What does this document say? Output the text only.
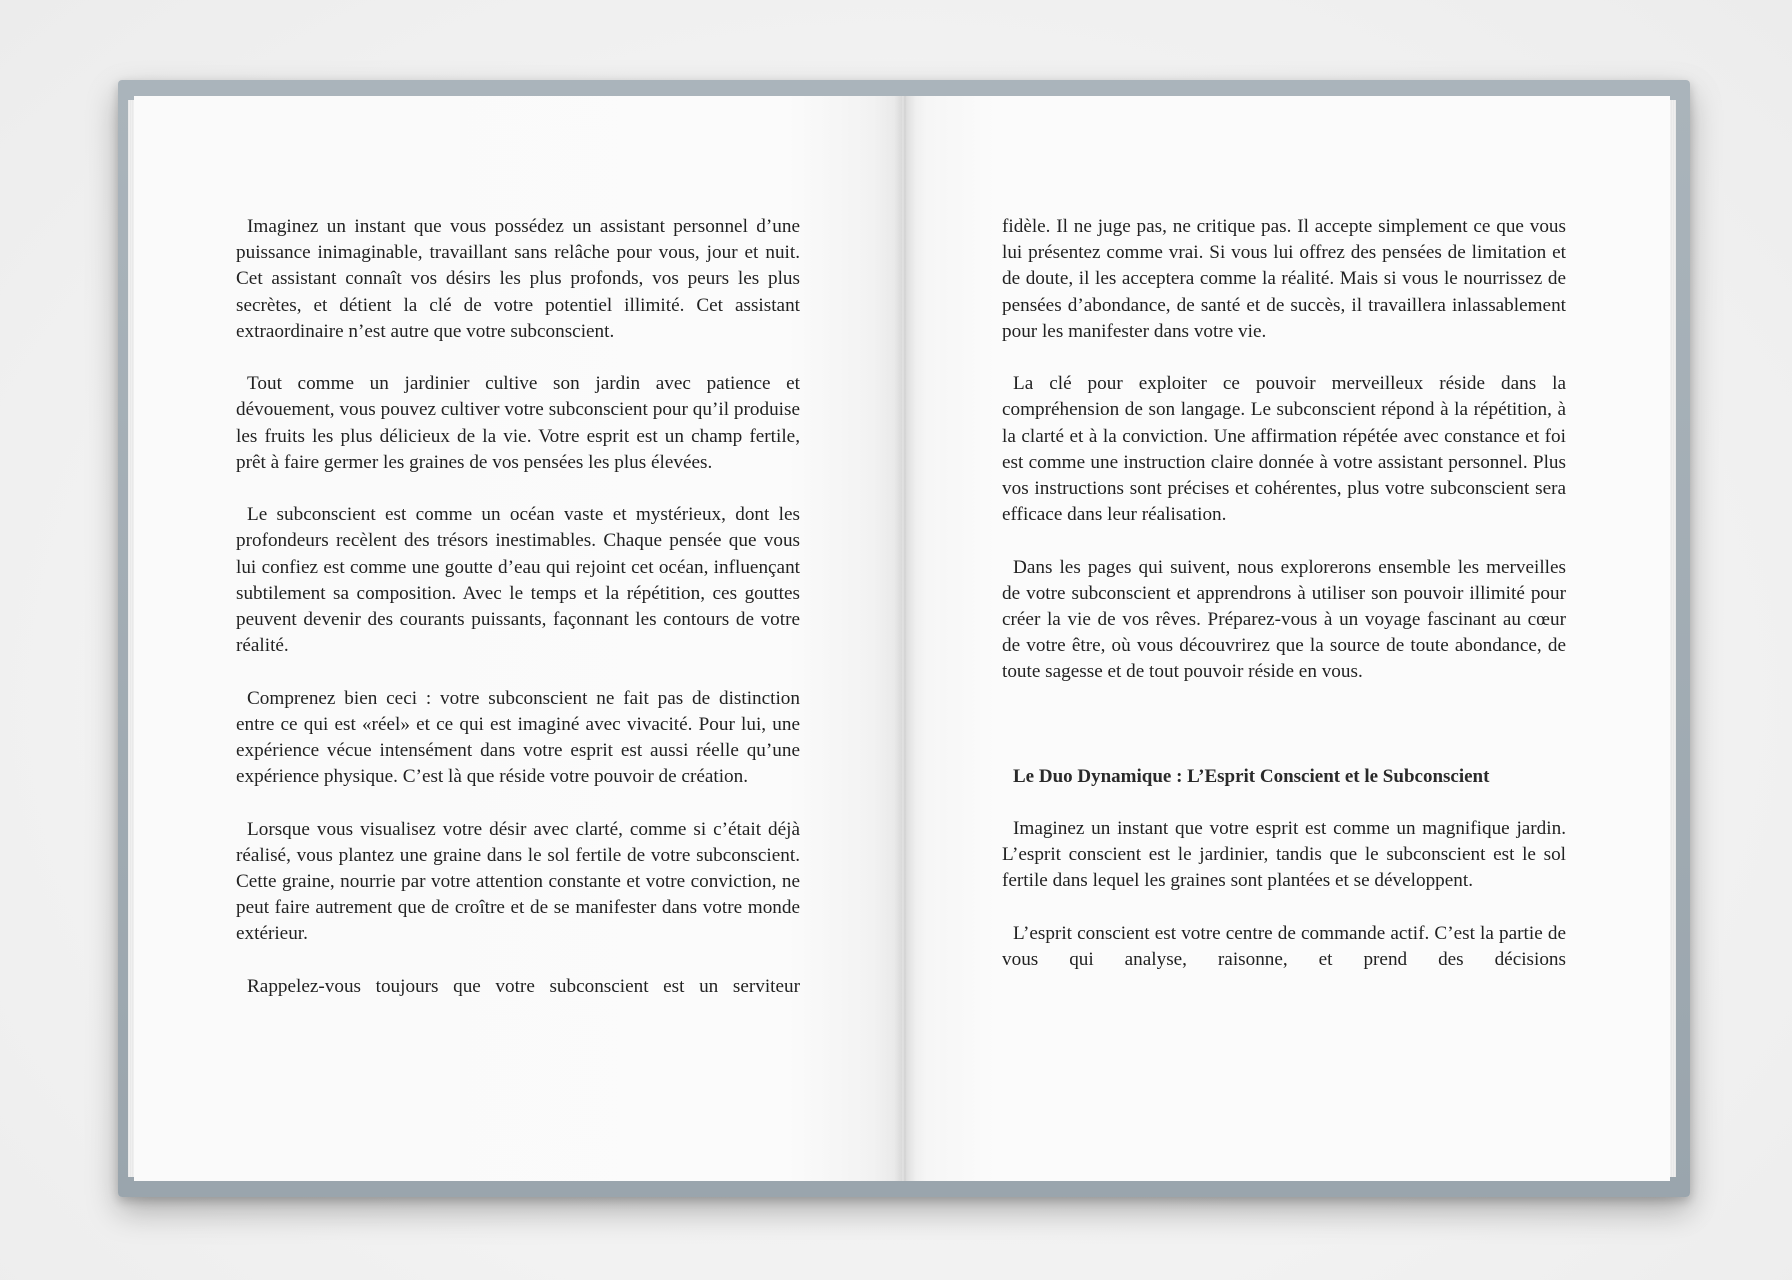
Imaginez un instant que vous possédez un assistant personnel d’une puissance inimaginable, travaillant sans relâche pour vous, jour et nuit. Cet assistant connaît vos désirs les plus profonds, vos peurs les plus secrètes, et détient la clé de votre potentiel illimité. Cet assistant extraordinaire n’est autre que votre subconscient.

Tout comme un jardinier cultive son jardin avec patience et dévouement, vous pouvez cultiver votre subconscient pour qu’il produise les fruits les plus délicieux de la vie. Votre esprit est un champ fertile, prêt à faire germer les graines de vos pensées les plus élevées.

Le subconscient est comme un océan vaste et mystérieux, dont les profondeurs recèlent des trésors inestimables. Chaque pensée que vous lui confiez est comme une goutte d’eau qui rejoint cet océan, influençant subtilement sa composition. Avec le temps et la répétition, ces gouttes peuvent devenir des courants puissants, façonnant les contours de votre réalité.

Comprenez bien ceci : votre subconscient ne fait pas de distinction entre ce qui est «réel» et ce qui est imaginé avec vivacité. Pour lui, une expérience vécue intensément dans votre esprit est aussi réelle qu’une expérience physique. C’est là que réside votre pouvoir de création.

Lorsque vous visualisez votre désir avec clarté, comme si c’était déjà réalisé, vous plantez une graine dans le sol fertile de votre subconscient. Cette graine, nourrie par votre attention constante et votre conviction, ne peut faire autrement que de croître et de se manifester dans votre monde extérieur.

Rappelez-vous toujours que votre subconscient est un serviteur

fidèle. Il ne juge pas, ne critique pas. Il accepte simplement ce que vous lui présentez comme vrai. Si vous lui offrez des pensées de limitation et de doute, il les acceptera comme la réalité. Mais si vous le nourrissez de pensées d’abondance, de santé et de succès, il travaillera inlassablement pour les manifester dans votre vie.

La clé pour exploiter ce pouvoir merveilleux réside dans la compréhension de son langage. Le subconscient répond à la répétition, à la clarté et à la conviction. Une affirmation répétée avec constance et foi est comme une instruction claire donnée à votre assistant personnel. Plus vos instructions sont précises et cohérentes, plus votre subconscient sera efficace dans leur réalisation.

Dans les pages qui suivent, nous explorerons ensemble les merveilles de votre subconscient et apprendrons à utiliser son pouvoir illimité pour créer la vie de vos rêves. Préparez-vous à un voyage fascinant au cœur de votre être, où vous découvrirez que la source de toute abondance, de toute sagesse et de tout pouvoir réside en vous.

Le Duo Dynamique : L’Esprit Conscient et le Subconscient

Imaginez un instant que votre esprit est comme un magnifique jardin. L’esprit conscient est le jardinier, tandis que le subconscient est le sol fertile dans lequel les graines sont plantées et se développent.

L’esprit conscient est votre centre de commande actif. C’est la partie de vous qui analyse, raisonne, et prend des décisions
